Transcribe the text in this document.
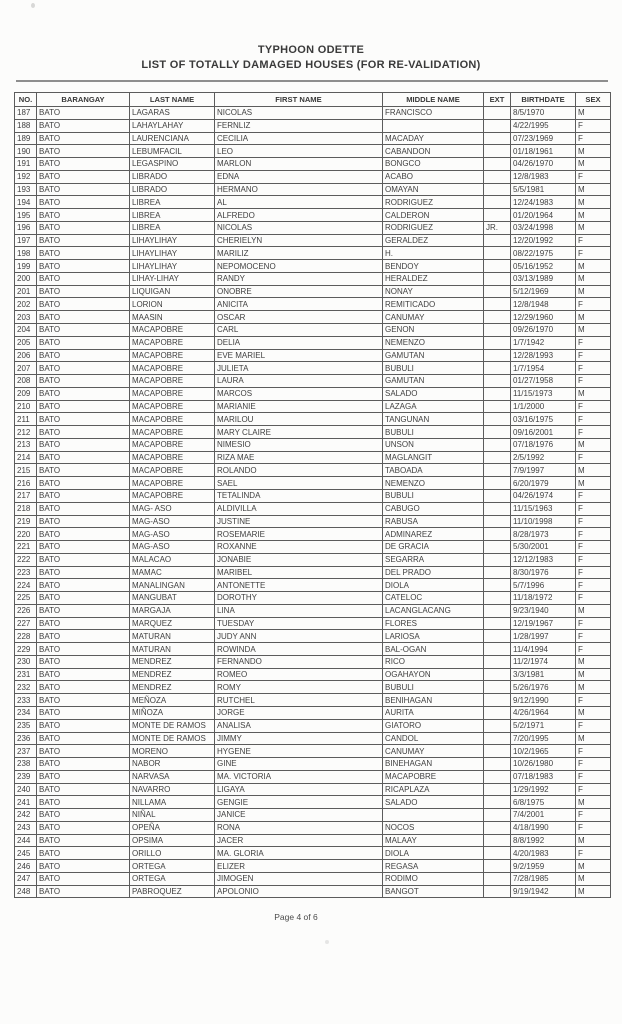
TYPHOON ODETTE
LIST OF TOTALLY DAMAGED HOUSES (FOR RE-VALIDATION)
NO.	BARANGAY	LAST NAME	FIRST NAME	MIDDLE NAME	EXT	BIRTHDATE	SEX
187	BATO	LAGARAS	NICOLAS	FRANCISCO		8/5/1970	M
188	BATO	LAHAYLAHAY	FERNLIZ			4/22/1995	F
189	BATO	LAURENCIANA	CECILIA	MACADAY		07/23/1969	F
190	BATO	LEBUMFACIL	LEO	CABANDON		01/18/1961	M
191	BATO	LEGASPINO	MARLON	BONGCO		04/26/1970	M
192	BATO	LIBRADO	EDNA	ACABO		12/8/1983	F
193	BATO	LIBRADO	HERMANO	OMAYAN		5/5/1981	M
194	BATO	LIBREA	AL	RODRIGUEZ		12/24/1983	M
195	BATO	LIBREA	ALFREDO	CALDERON		01/20/1964	M
196	BATO	LIBREA	NICOLAS	RODRIGUEZ	JR.	03/24/1998	M
197	BATO	LIHAYLIHAY	CHERIELYN	GERALDEZ		12/20/1992	F
198	BATO	LIHAYLIHAY	MARILIZ	H.		08/22/1975	F
199	BATO	LIHAYLIHAY	NEPOMOCENO	BENDOY		05/16/1952	M
200	BATO	LIHAY-LIHAY	RANDY	HERALDEZ		03/13/1989	M
201	BATO	LIQUIGAN	ONOBRE	NONAY		5/12/1969	M
202	BATO	LORION	ANICITA	REMITICADO		12/8/1948	F
203	BATO	MAASIN	OSCAR	CANUMAY		12/29/1960	M
204	BATO	MACAPOBRE	CARL	GENON		09/26/1970	M
205	BATO	MACAPOBRE	DELIA	NEMENZO		1/7/1942	F
206	BATO	MACAPOBRE	EVE MARIEL	GAMUTAN		12/28/1993	F
207	BATO	MACAPOBRE	JULIETA	BUBULI		1/7/1954	F
208	BATO	MACAPOBRE	LAURA	GAMUTAN		01/27/1958	F
209	BATO	MACAPOBRE	MARCOS	SALADO		11/15/1973	M
210	BATO	MACAPOBRE	MARIANIE	LAZAGA		1/1/2000	F
211	BATO	MACAPOBRE	MARILOU	TANGUNAN		03/16/1975	F
212	BATO	MACAPOBRE	MARY CLAIRE	BUBULI		09/16/2001	F
213	BATO	MACAPOBRE	NIMESIO	UNSON		07/18/1976	M
214	BATO	MACAPOBRE	RIZA MAE	MAGLANGIT		2/5/1992	F
215	BATO	MACAPOBRE	ROLANDO	TABOADA		7/9/1997	M
216	BATO	MACAPOBRE	SAEL	NEMENZO		6/20/1979	M
217	BATO	MACAPOBRE	TETALINDA	BUBULI		04/26/1974	F
218	BATO	MAG- ASO	ALDIVILLA	CABUGO		11/15/1963	F
219	BATO	MAG-ASO	JUSTINE	RABUSA		11/10/1998	F
220	BATO	MAG-ASO	ROSEMARIE	ADMINAREZ		8/28/1973	F
221	BATO	MAG-ASO	ROXANNE	DE GRACIA		5/30/2001	F
222	BATO	MALACAO	JONABIE	SEGARRA		12/12/1983	F
223	BATO	MAMAC	MARIBEL	DEL PRADO		8/30/1976	F
224	BATO	MANALINGAN	ANTONETTE	DIOLA		5/7/1996	F
225	BATO	MANGUBAT	DOROTHY	CATELOC		11/18/1972	F
226	BATO	MARGAJA	LINA	LACANGLACANG		9/23/1940	M
227	BATO	MARQUEZ	TUESDAY	FLORES		12/19/1967	F
228	BATO	MATURAN	JUDY ANN	LARIOSA		1/28/1997	F
229	BATO	MATURAN	ROWINDA	BAL-OGAN		11/4/1994	F
230	BATO	MENDREZ	FERNANDO	RICO		11/2/1974	M
231	BATO	MENDREZ	ROMEO	OGAHAYON		3/3/1981	M
232	BATO	MENDREZ	ROMY	BUBULI		5/26/1976	M
233	BATO	MEÑOZA	RUTCHEL	BENIHAGAN		9/12/1990	F
234	BATO	MIÑOZA	JORGE	AURITA		4/26/1964	M
235	BATO	MONTE DE RAMOS	ANALISA	GIATORO		5/2/1971	F
236	BATO	MONTE DE RAMOS	JIMMY	CANDOL		7/20/1995	M
237	BATO	MORENO	HYGENE	CANUMAY		10/2/1965	F
238	BATO	NABOR	GINE	BINEHAGAN		10/26/1980	F
239	BATO	NARVASA	MA. VICTORIA	MACAPOBRE		07/18/1983	F
240	BATO	NAVARRO	LIGAYA	RICAPLAZA		1/29/1992	F
241	BATO	NILLAMA	GENGIE	SALADO		6/8/1975	M
242	BATO	NIÑAL	JANICE			7/4/2001	F
243	BATO	OPEÑA	RONA	NOCOS		4/18/1990	F
244	BATO	OPSIMA	JACER	MALAAY		8/8/1992	M
245	BATO	ORILLO	MA. GLORIA	DIOLA		4/20/1983	F
246	BATO	ORTEGA	ELIZER	REGASA		9/2/1959	M
247	BATO	ORTEGA	JIMOGEN	RODIMO		7/28/1985	M
248	BATO	PABROQUEZ	APOLONIO	BANGOT		9/19/1942	M
Page 4 of 6
